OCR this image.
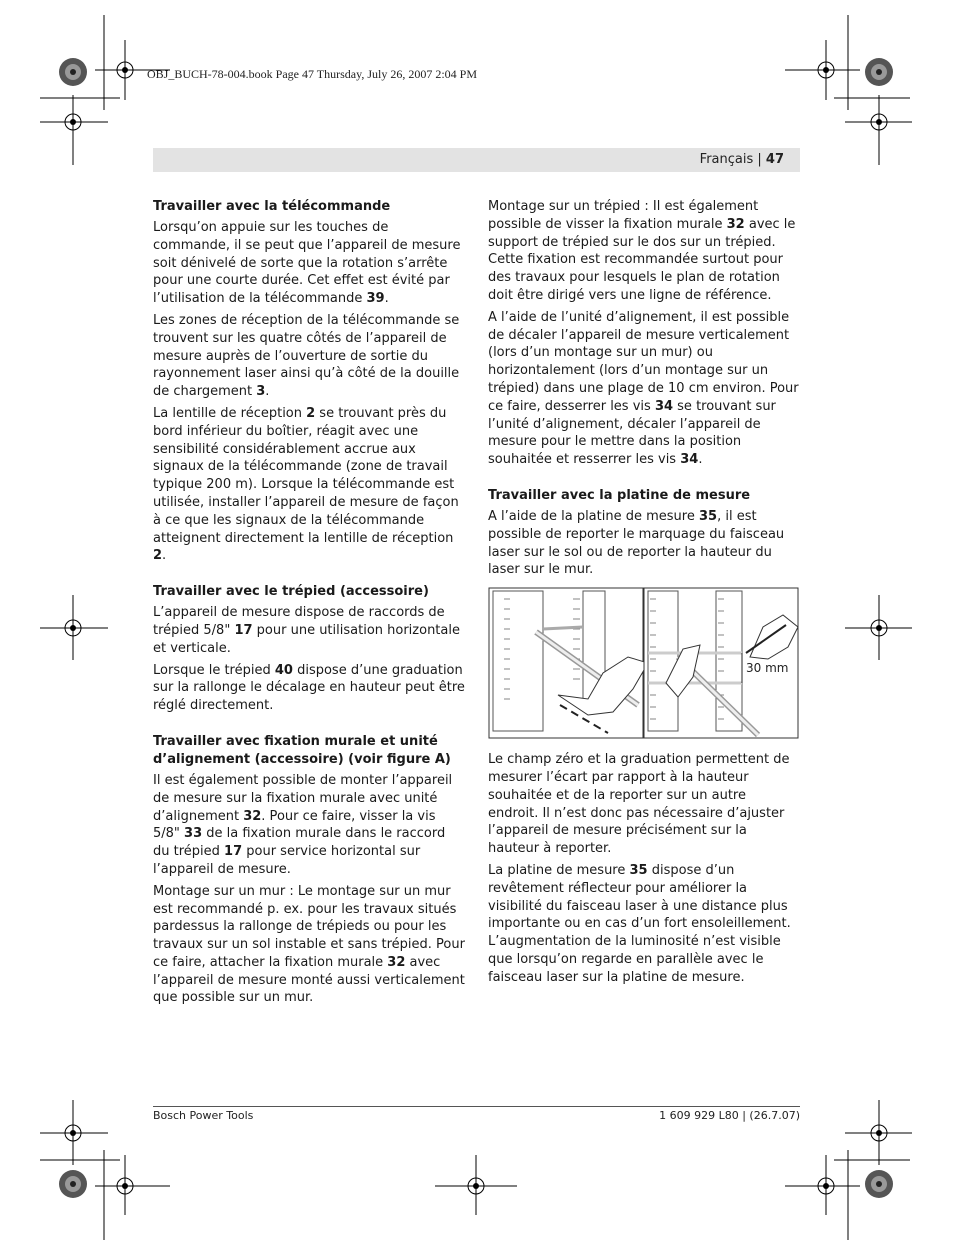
OBJ_BUCH-78-004.book Page 47 Thursday, July 26, 2007 2:04 PM
Français | 47
Travailler avec la télécommande

Lorsqu’on appuie sur les touches de commande, il se peut que l’appareil de mesure soit dénivelé de sorte que la rotation s’arrête pour une courte durée. Cet effet est évité par l’utilisation de la télécommande 39.

Les zones de réception de la télécommande se trouvent sur les quatre côtés de l’appareil de mesure auprès de l’ouverture de sortie du rayonnement laser ainsi qu’à côté de la douille de chargement 3.

La lentille de réception 2 se trouvant près du bord inférieur du boîtier, réagit avec une sensibilité considérablement accrue aux signaux de la télécommande (zone de travail typique 200 m). Lorsque la télécommande est utilisée, installer l’appareil de mesure de façon à ce que les signaux de la télécommande atteignent directement la lentille de réception 2.

Travailler avec le trépied (accessoire)

L’appareil de mesure dispose de raccords de trépied 5/8" 17 pour une utilisation horizontale et verticale.

Lorsque le trépied 40 dispose d’une graduation sur la rallonge le décalage en hauteur peut être réglé directement.

Travailler avec fixation murale et unité d’alignement (accessoire) (voir figure A)

Il est également possible de monter l’appareil de mesure sur la fixation murale avec unité d’alignement 32. Pour ce faire, visser la vis 5/8" 33 de la fixation murale dans le raccord du trépied 17 pour service horizontal sur l’appareil de mesure.

Montage sur un mur : Le montage sur un mur est recommandé p. ex. pour les travaux situés pardessus la rallonge de trépieds ou pour les travaux sur un sol instable et sans trépied. Pour ce faire, attacher la fixation murale 32 avec l’appareil de mesure monté aussi verticalement que possible sur un mur.

Montage sur un trépied : Il est également possible de visser la fixation murale 32 avec le support de trépied sur le dos sur un trépied. Cette fixation est recommandée surtout pour des travaux pour lesquels le plan de rotation doit être dirigé vers une ligne de référence.

A l’aide de l’unité d’alignement, il est possible de décaler l’appareil de mesure verticalement (lors d’un montage sur un mur) ou horizontalement (lors d’un montage sur un trépied) dans une plage de 10 cm environ. Pour ce faire, desserrer les vis 34 se trouvant sur l’unité d’alignement, décaler l’appareil de mesure pour le mettre dans la position souhaitée et resserrer les vis 34.

Travailler avec la platine de mesure

A l’aide de la platine de mesure 35, il est possible de reporter le marquage du faisceau laser sur le sol ou de reporter la hauteur du laser sur le mur.

30 mm

Le champ zéro et la graduation permettent de mesurer l’écart par rapport à la hauteur souhaitée et de la reporter sur un autre endroit. Il n’est donc pas nécessaire d’ajuster l’appareil de mesure précisément sur la hauteur à reporter.

La platine de mesure 35 dispose d’un revêtement réflecteur pour améliorer la visibilité du faisceau laser à une distance plus importante ou en cas d’un fort ensoleillement. L’augmentation de la luminosité n’est visible que lorsqu’on regarde en parallèle avec le faisceau laser sur la platine de mesure.

Bosch Power Tools	1 609 929 L80 | (26.7.07)
